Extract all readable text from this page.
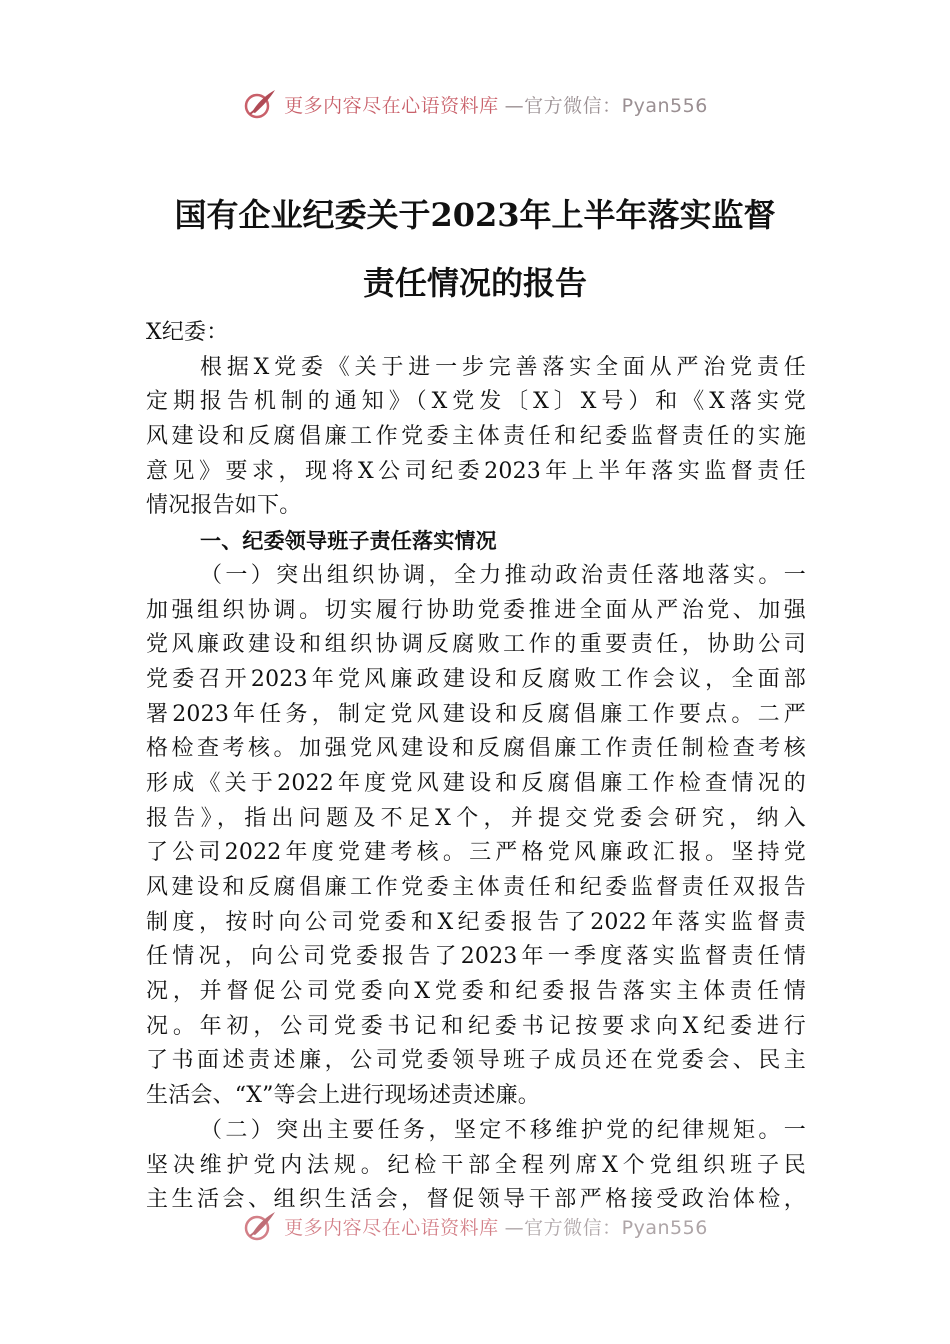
更多内容尽在心语资料库 —官方微信：Pyan556
国有企业纪委关于2023年上半年落实监督
责任情况的报告
X纪委：
根据X党委《关于进一步完善落实全面从严治党责任
定期报告机制的通知》（X党发〔X〕X号）和《X落实党
风建设和反腐倡廉工作党委主体责任和纪委监督责任的实施
意见》要求，现将X公司纪委2023年上半年落实监督责任
情况报告如下。
一、纪委领导班子责任落实情况
（一）突出组织协调，全力推动政治责任落地落实。一
加强组织协调。切实履行协助党委推进全面从严治党、加强
党风廉政建设和组织协调反腐败工作的重要责任，协助公司
党委召开2023年党风廉政建设和反腐败工作会议，全面部
署2023年任务，制定党风建设和反腐倡廉工作要点。二严
格检查考核。加强党风建设和反腐倡廉工作责任制检查考核
形成《关于2022年度党风建设和反腐倡廉工作检查情况的
报告》，指出问题及不足X个，并提交党委会研究，纳入
了公司2022年度党建考核。三严格党风廉政汇报。坚持党
风建设和反腐倡廉工作党委主体责任和纪委监督责任双报告
制度，按时向公司党委和X纪委报告了2022年落实监督责
任情况，向公司党委报告了2023年一季度落实监督责任情
况，并督促公司党委向X党委和纪委报告落实主体责任情
况。年初，公司党委书记和纪委书记按要求向X纪委进行
了书面述责述廉，公司党委领导班子成员还在党委会、民主
生活会、“X”等会上进行现场述责述廉。
（二）突出主要任务，坚定不移维护党的纪律规矩。一
坚决维护党内法规。纪检干部全程列席X个党组织班子民
主生活会、组织生活会，督促领导干部严格接受政治体检，
更多内容尽在心语资料库 —官方微信：Pyan556
